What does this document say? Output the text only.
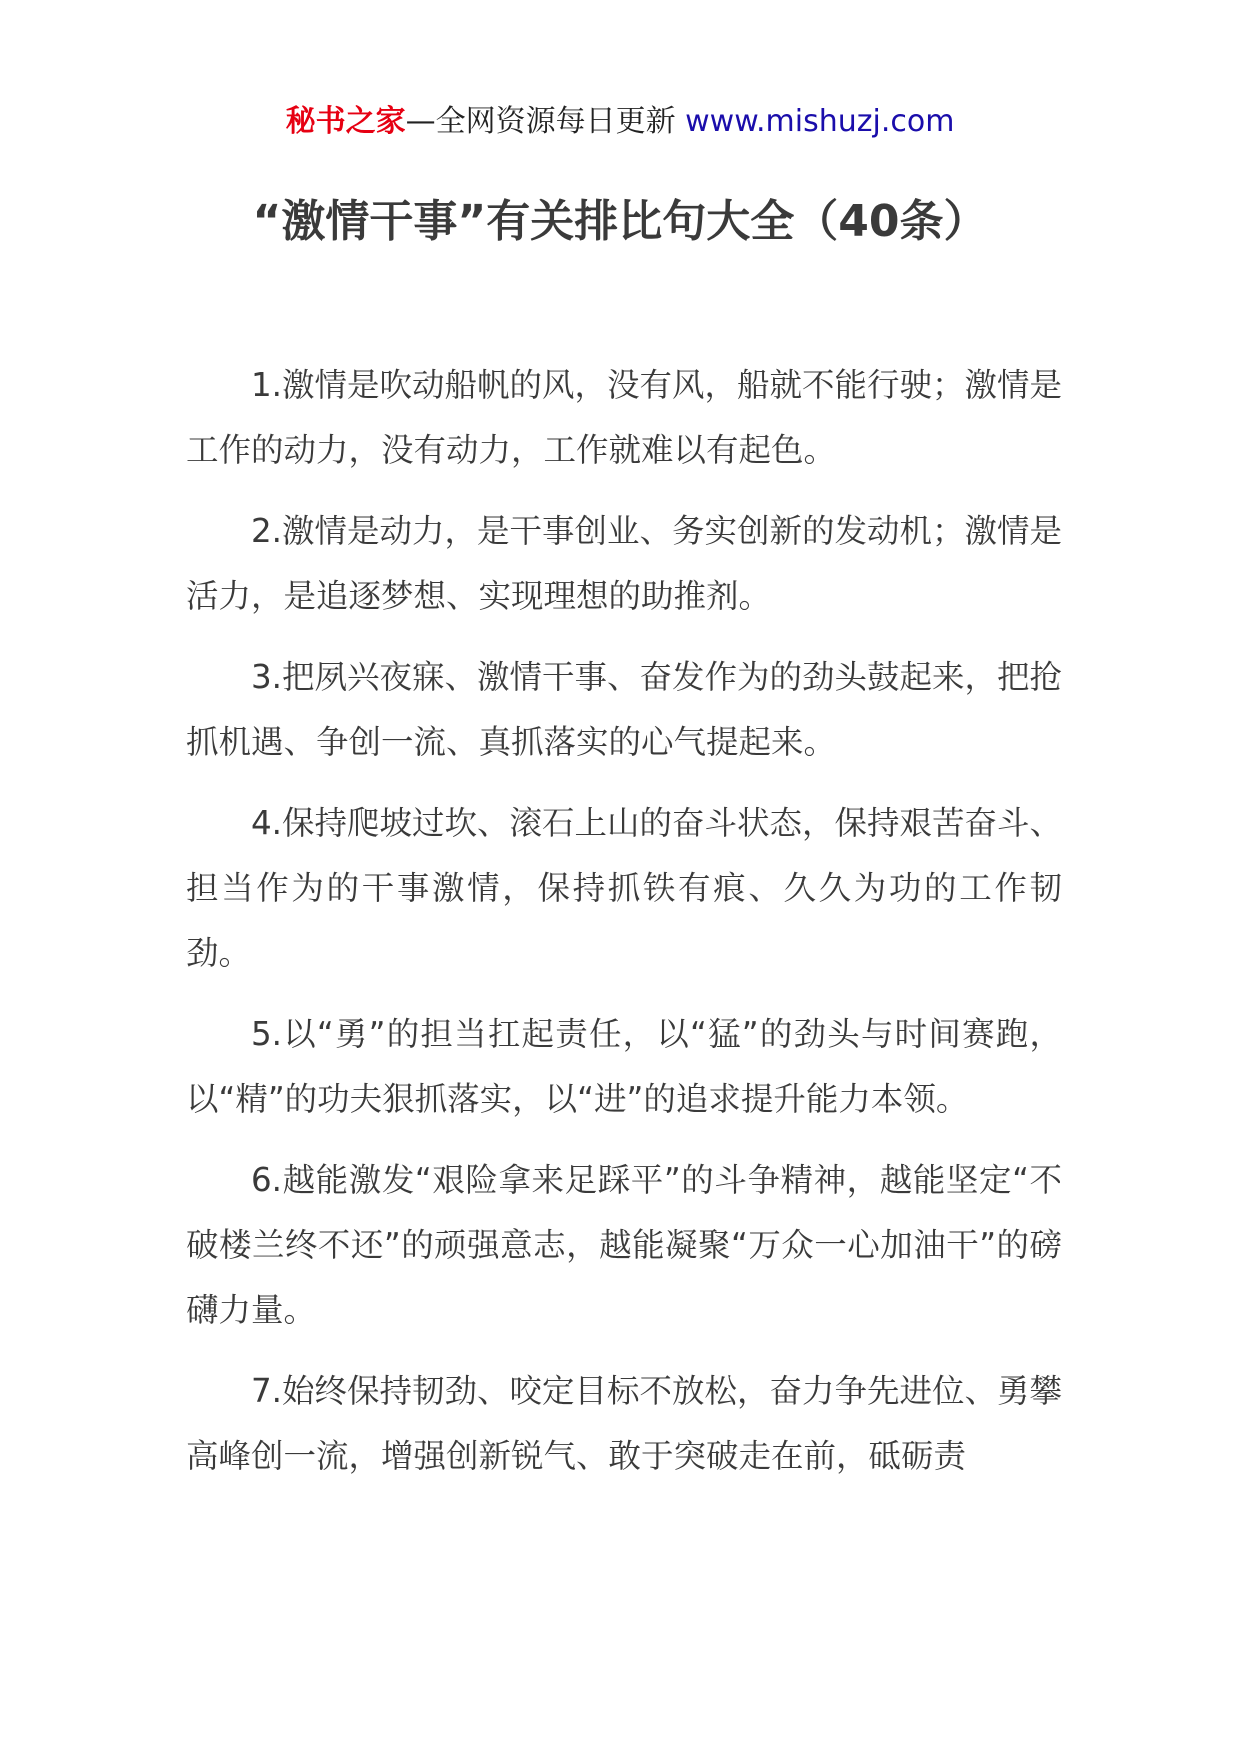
秘书之家—全网资源每日更新 www.mishuzj.com
“激情干事”有关排比句大全（40条）

1.激情是吹动船帆的风，没有风，船就不能行驶；激情是工作的动力，没有动力，工作就难以有起色。

2.激情是动力，是干事创业、务实创新的发动机；激情是活力，是追逐梦想、实现理想的助推剂。

3.把夙兴夜寐、激情干事、奋发作为的劲头鼓起来，把抢抓机遇、争创一流、真抓落实的心气提起来。

4.保持爬坡过坎、滚石上山的奋斗状态，保持艰苦奋斗、担当作为的干事激情，保持抓铁有痕、久久为功的工作韧劲。

5.以“勇”的担当扛起责任，以“猛”的劲头与时间赛跑，以“精”的功夫狠抓落实，以“进”的追求提升能力本领。

6.越能激发“艰险拿来足踩平”的斗争精神，越能坚定“不破楼兰终不还”的顽强意志，越能凝聚“万众一心加油干”的磅礴力量。

7.始终保持韧劲、咬定目标不放松，奋力争先进位、勇攀高峰创一流，增强创新锐气、敢于突破走在前，砥砺责
